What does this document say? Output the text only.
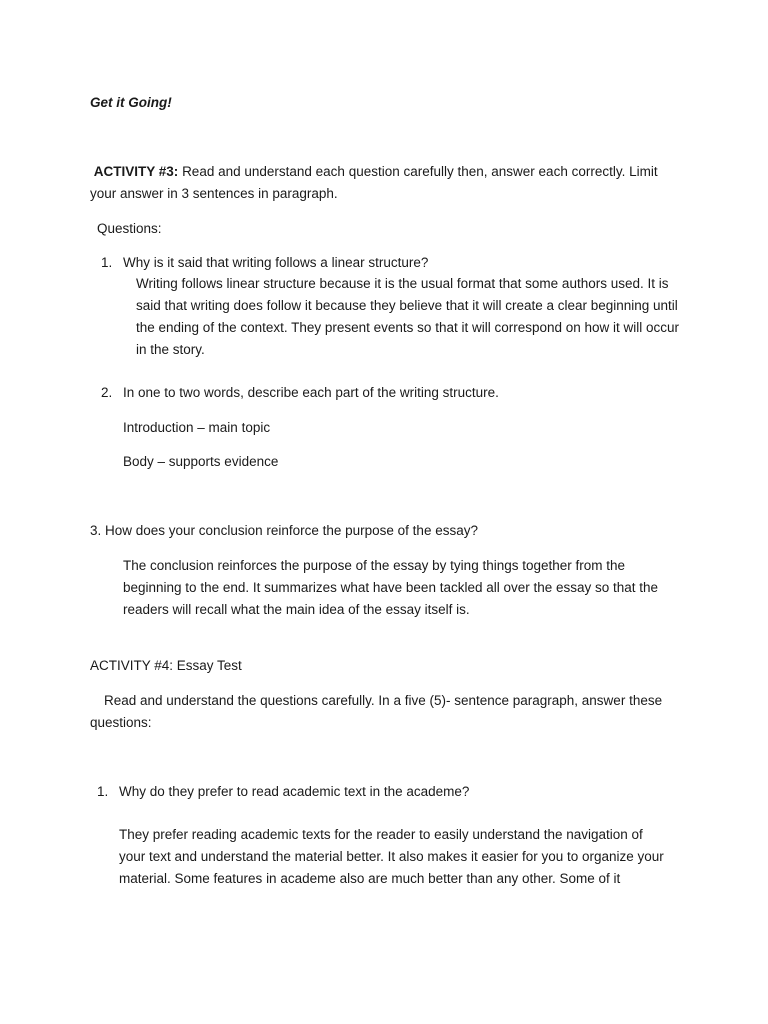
Get it Going!

ACTIVITY #3: Read and understand each question carefully then, answer each correctly. Limit your answer in 3 sentences in paragraph.

Questions:

1. Why is it said that writing follows a linear structure?

Writing follows linear structure because it is the usual format that some authors used. It is said that writing does follow it because they believe that it will create a clear beginning until the ending of the context. They present events so that it will correspond on how it will occur in the story.

2. In one to two words, describe each part of the writing structure.

Introduction – main topic

Body – supports evidence

3. How does your conclusion reinforce the purpose of the essay?

The conclusion reinforces the purpose of the essay by tying things together from the beginning to the end. It summarizes what have been tackled all over the essay so that the readers will recall what the main idea of the essay itself is.

ACTIVITY #4: Essay Test

Read and understand the questions carefully. In a five (5)- sentence paragraph, answer these questions:

1. Why do they prefer to read academic text in the academe?

They prefer reading academic texts for the reader to easily understand the navigation of your text and understand the material better. It also makes it easier for you to organize your material. Some features in academe also are much better than any other. Some of it
